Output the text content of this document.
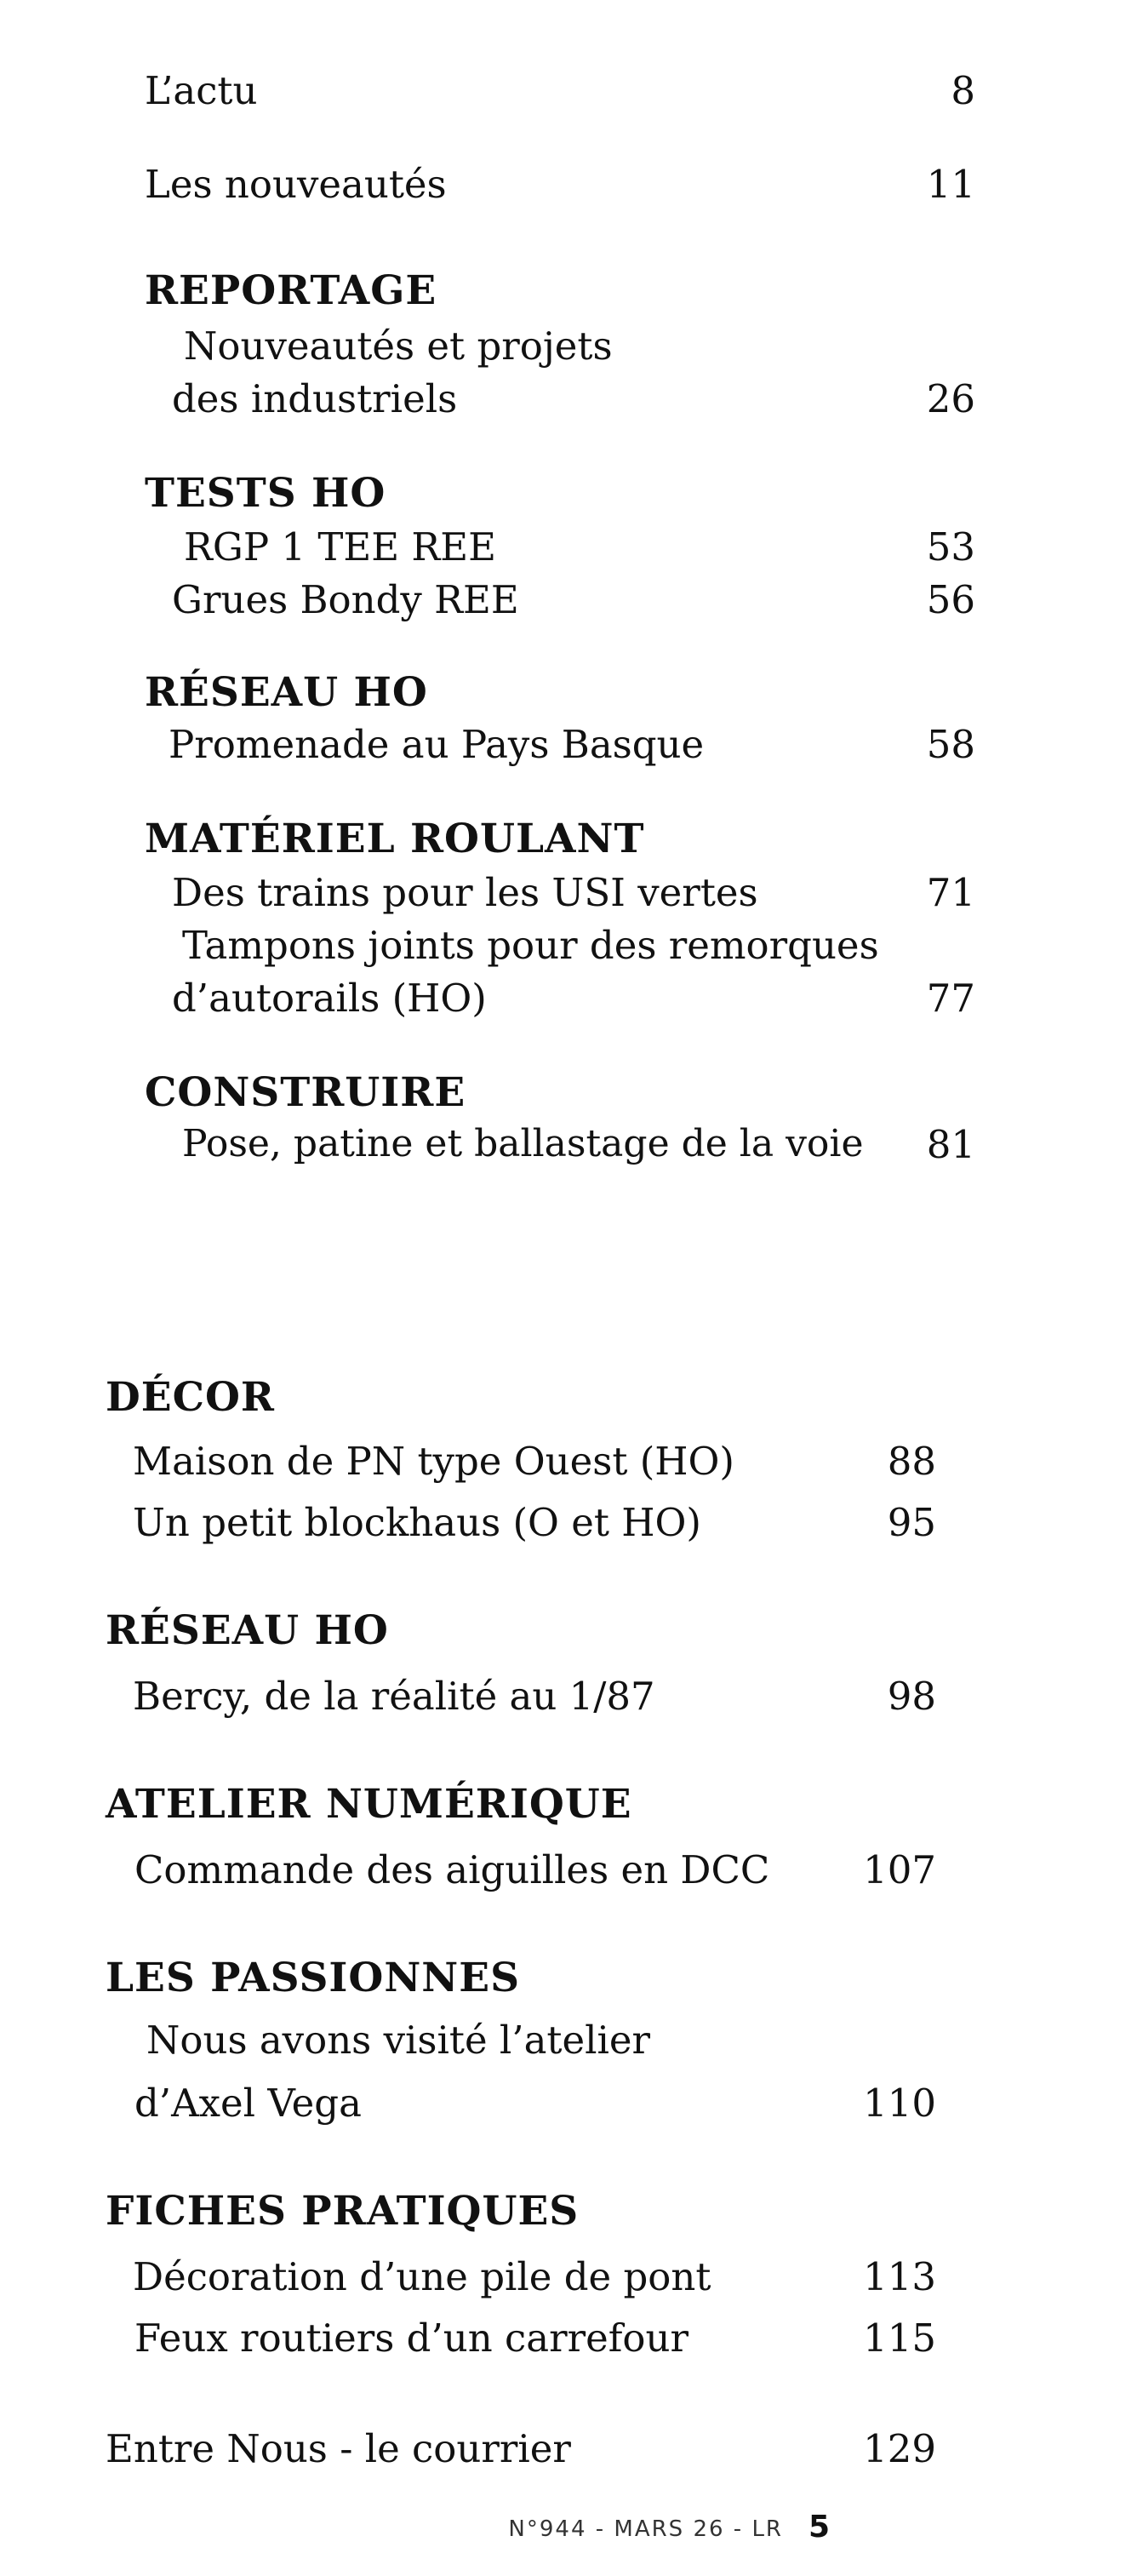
L’actu	8
Les nouveautés	11
REPORTAGE
Nouveautés et projets
des industriels	26
TESTS HO
RGP 1 TEE REE	53
Grues Bondy REE	56
RÉSEAU HO
Promenade au Pays Basque	58
MATÉRIEL ROULANT
Des trains pour les USI vertes	71
Tampons joints pour des remorques
d’autorails (HO)	77
CONSTRUIRE
Pose, patine et ballastage de la voie 81
DÉCOR
Maison de PN type Ouest (HO)	88
Un petit blockhaus (O et HO)	95
RÉSEAU HO
Bercy, de la réalité au 1/87	98
ATELIER NUMÉRIQUE
Commande des aiguilles en DCC 107
LES PASSIONNES
Nous avons visité l’atelier
d’Axel Vega	110
FICHES PRATIQUES
Décoration d’une pile de pont	113
Feux routiers d’un carrefour	115
Entre Nous - le courrier	129
N°944 - MARS 26 - LR 5
